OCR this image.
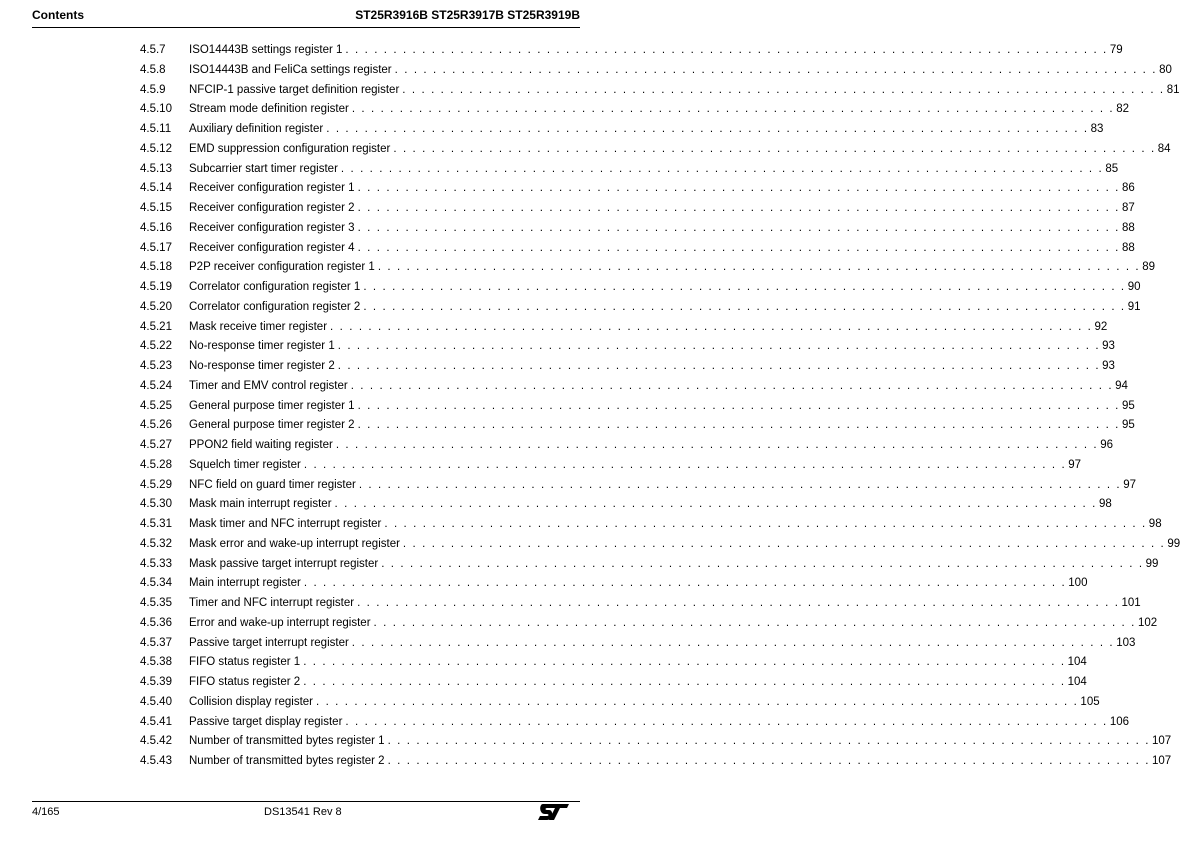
Contents	ST25R3916B ST25R3917B ST25R3919B
4.5.7	ISO14443B settings register 1 . . . . . . . . . . . . . . . . . . . . . . . . . . . . . . . . . . . . . . . . . . . . . . . . . . . . . . . . . . . . . . . . . . . . . . . . . . . . . . . . 79
4.5.8	ISO14443B and FeliCa settings register . . . . . . . . . . . . . . . . . . . . . . . . . . . . . . . . . . . . . . . . . . . . . . . . . . . . . . . . . . . . . . . . . . . . . . . . . . . . . . . . 80
4.5.9	NFCIP-1 passive target definition register . . . . . . . . . . . . . . . . . . . . . . . . . . . . . . . . . . . . . . . . . . . . . . . . . . . . . . . . . . . . . . . . . . . . . . . . . . . . . . . . 81
4.5.10	Stream mode definition register . . . . . . . . . . . . . . . . . . . . . . . . . . . . . . . . . . . . . . . . . . . . . . . . . . . . . . . . . . . . . . . . . . . . . . . . . . . . . . . . 82
4.5.11	Auxiliary definition register . . . . . . . . . . . . . . . . . . . . . . . . . . . . . . . . . . . . . . . . . . . . . . . . . . . . . . . . . . . . . . . . . . . . . . . . . . . . . . . . 83
4.5.12	EMD suppression configuration register . . . . . . . . . . . . . . . . . . . . . . . . . . . . . . . . . . . . . . . . . . . . . . . . . . . . . . . . . . . . . . . . . . . . . . . . . . . . . . . . 84
4.5.13	Subcarrier start timer register . . . . . . . . . . . . . . . . . . . . . . . . . . . . . . . . . . . . . . . . . . . . . . . . . . . . . . . . . . . . . . . . . . . . . . . . . . . . . . . . 85
4.5.14	Receiver configuration register 1 . . . . . . . . . . . . . . . . . . . . . . . . . . . . . . . . . . . . . . . . . . . . . . . . . . . . . . . . . . . . . . . . . . . . . . . . . . . . . . . . 86
4.5.15	Receiver configuration register 2 . . . . . . . . . . . . . . . . . . . . . . . . . . . . . . . . . . . . . . . . . . . . . . . . . . . . . . . . . . . . . . . . . . . . . . . . . . . . . . . . 87
4.5.16	Receiver configuration register 3 . . . . . . . . . . . . . . . . . . . . . . . . . . . . . . . . . . . . . . . . . . . . . . . . . . . . . . . . . . . . . . . . . . . . . . . . . . . . . . . . 88
4.5.17	Receiver configuration register 4 . . . . . . . . . . . . . . . . . . . . . . . . . . . . . . . . . . . . . . . . . . . . . . . . . . . . . . . . . . . . . . . . . . . . . . . . . . . . . . . . 88
4.5.18	P2P receiver configuration register 1 . . . . . . . . . . . . . . . . . . . . . . . . . . . . . . . . . . . . . . . . . . . . . . . . . . . . . . . . . . . . . . . . . . . . . . . . . . . . . . . . 89
4.5.19	Correlator configuration register 1 . . . . . . . . . . . . . . . . . . . . . . . . . . . . . . . . . . . . . . . . . . . . . . . . . . . . . . . . . . . . . . . . . . . . . . . . . . . . . . . . 90
4.5.20	Correlator configuration register 2 . . . . . . . . . . . . . . . . . . . . . . . . . . . . . . . . . . . . . . . . . . . . . . . . . . . . . . . . . . . . . . . . . . . . . . . . . . . . . . . . 91
4.5.21	Mask receive timer register . . . . . . . . . . . . . . . . . . . . . . . . . . . . . . . . . . . . . . . . . . . . . . . . . . . . . . . . . . . . . . . . . . . . . . . . . . . . . . . . 92
4.5.22	No-response timer register 1 . . . . . . . . . . . . . . . . . . . . . . . . . . . . . . . . . . . . . . . . . . . . . . . . . . . . . . . . . . . . . . . . . . . . . . . . . . . . . . . . 93
4.5.23	No-response timer register 2 . . . . . . . . . . . . . . . . . . . . . . . . . . . . . . . . . . . . . . . . . . . . . . . . . . . . . . . . . . . . . . . . . . . . . . . . . . . . . . . . 93
4.5.24	Timer and EMV control register . . . . . . . . . . . . . . . . . . . . . . . . . . . . . . . . . . . . . . . . . . . . . . . . . . . . . . . . . . . . . . . . . . . . . . . . . . . . . . . . 94
4.5.25	General purpose timer register 1 . . . . . . . . . . . . . . . . . . . . . . . . . . . . . . . . . . . . . . . . . . . . . . . . . . . . . . . . . . . . . . . . . . . . . . . . . . . . . . . . 95
4.5.26	General purpose timer register 2 . . . . . . . . . . . . . . . . . . . . . . . . . . . . . . . . . . . . . . . . . . . . . . . . . . . . . . . . . . . . . . . . . . . . . . . . . . . . . . . . 95
4.5.27	PPON2 field waiting register . . . . . . . . . . . . . . . . . . . . . . . . . . . . . . . . . . . . . . . . . . . . . . . . . . . . . . . . . . . . . . . . . . . . . . . . . . . . . . . . 96
4.5.28	Squelch timer register . . . . . . . . . . . . . . . . . . . . . . . . . . . . . . . . . . . . . . . . . . . . . . . . . . . . . . . . . . . . . . . . . . . . . . . . . . . . . . . . 97
4.5.29	NFC field on guard timer register . . . . . . . . . . . . . . . . . . . . . . . . . . . . . . . . . . . . . . . . . . . . . . . . . . . . . . . . . . . . . . . . . . . . . . . . . . . . . . . . 97
4.5.30	Mask main interrupt register . . . . . . . . . . . . . . . . . . . . . . . . . . . . . . . . . . . . . . . . . . . . . . . . . . . . . . . . . . . . . . . . . . . . . . . . . . . . . . . . 98
4.5.31	Mask timer and NFC interrupt register . . . . . . . . . . . . . . . . . . . . . . . . . . . . . . . . . . . . . . . . . . . . . . . . . . . . . . . . . . . . . . . . . . . . . . . . . . . . . . . . 98
4.5.32	Mask error and wake-up interrupt register . . . . . . . . . . . . . . . . . . . . . . . . . . . . . . . . . . . . . . . . . . . . . . . . . . . . . . . . . . . . . . . . . . . . . . . . . . . . . . . . 99
4.5.33	Mask passive target interrupt register . . . . . . . . . . . . . . . . . . . . . . . . . . . . . . . . . . . . . . . . . . . . . . . . . . . . . . . . . . . . . . . . . . . . . . . . . . . . . . . . 99
4.5.34	Main interrupt register . . . . . . . . . . . . . . . . . . . . . . . . . . . . . . . . . . . . . . . . . . . . . . . . . . . . . . . . . . . . . . . . . . . . . . . . . . . . . . . . 100
4.5.35	Timer and NFC interrupt register . . . . . . . . . . . . . . . . . . . . . . . . . . . . . . . . . . . . . . . . . . . . . . . . . . . . . . . . . . . . . . . . . . . . . . . . . . . . . . . . 101
4.5.36	Error and wake-up interrupt register . . . . . . . . . . . . . . . . . . . . . . . . . . . . . . . . . . . . . . . . . . . . . . . . . . . . . . . . . . . . . . . . . . . . . . . . . . . . . . . . 102
4.5.37	Passive target interrupt register . . . . . . . . . . . . . . . . . . . . . . . . . . . . . . . . . . . . . . . . . . . . . . . . . . . . . . . . . . . . . . . . . . . . . . . . . . . . . . . . 103
4.5.38	FIFO status register 1 . . . . . . . . . . . . . . . . . . . . . . . . . . . . . . . . . . . . . . . . . . . . . . . . . . . . . . . . . . . . . . . . . . . . . . . . . . . . . . . . 104
4.5.39	FIFO status register 2 . . . . . . . . . . . . . . . . . . . . . . . . . . . . . . . . . . . . . . . . . . . . . . . . . . . . . . . . . . . . . . . . . . . . . . . . . . . . . . . . 104
4.5.40	Collision display register . . . . . . . . . . . . . . . . . . . . . . . . . . . . . . . . . . . . . . . . . . . . . . . . . . . . . . . . . . . . . . . . . . . . . . . . . . . . . . . . 105
4.5.41	Passive target display register . . . . . . . . . . . . . . . . . . . . . . . . . . . . . . . . . . . . . . . . . . . . . . . . . . . . . . . . . . . . . . . . . . . . . . . . . . . . . . . . 106
4.5.42	Number of transmitted bytes register 1 . . . . . . . . . . . . . . . . . . . . . . . . . . . . . . . . . . . . . . . . . . . . . . . . . . . . . . . . . . . . . . . . . . . . . . . . . . . . . . . . 107
4.5.43	Number of transmitted bytes register 2 . . . . . . . . . . . . . . . . . . . . . . . . . . . . . . . . . . . . . . . . . . . . . . . . . . . . . . . . . . . . . . . . . . . . . . . . . . . . . . . . 107
4/165	DS13541 Rev 8
